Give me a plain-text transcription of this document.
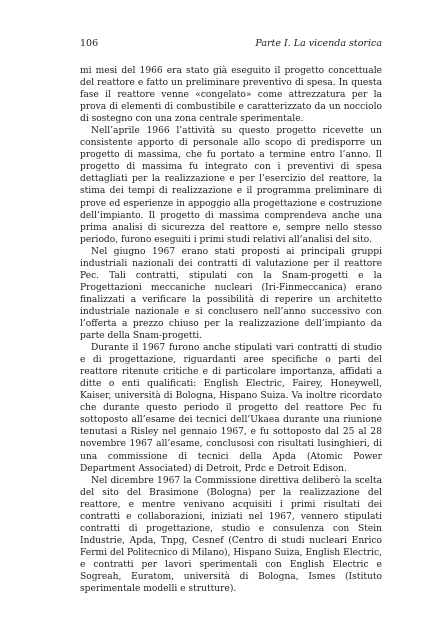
106	Parte I. La vicenda storica

mi mesi del 1966 era stato già eseguito il progetto concettuale del reattore e fatto un preliminare preventivo di spesa. In questa fase il reattore venne «congelato» come attrezzatura per la prova di elementi di combustibile e caratterizzato da un nocciolo di sostegno con una zona centrale sperimentale.

Nell’aprile 1966 l’attività su questo progetto ricevette un consistente apporto di personale allo scopo di predisporre un progetto di massima, che fu portato a termine entro l’anno. Il progetto di massima fu integrato con i preventivi di spesa dettagliati per la realizzazione e per l’esercizio del reattore, la stima dei tempi di realizzazione e il programma preliminare di prove ed esperienze in appoggio alla progettazione e costruzione dell’impianto. Il progetto di massima comprendeva anche una prima analisi di sicurezza del reattore e, sempre nello stesso periodo, furono eseguiti i primi studi relativi all’analisi del sito.

Nel giugno 1967 erano stati proposti ai principali gruppi industriali nazionali dei contratti di valutazione per il reattore Pec. Tali contratti, stipulati con la Snam-progetti e la Progettazioni meccaniche nucleari (Iri-Finmeccanica) erano finalizzati a verificare la possibilità di reperire un architetto industriale nazionale e si conclusero nell’anno successivo con l’offerta a prezzo chiuso per la realizzazione dell’impianto da parte della Snam-progetti.

Durante il 1967 furono anche stipulati vari contratti di studio e di progettazione, riguardanti aree specifiche o parti del reattore ritenute critiche e di particolare importanza, affidati a ditte o enti qualificati: English Electric, Fairey, Honeywell, Kaiser, università di Bologna, Hispano Suiza. Va inoltre ricordato che durante questo periodo il progetto del reattore Pec fu sottoposto all’esame dei tecnici dell’Ukaea durante una riunione tenutasi a Risley nel gennaio 1967, e fu sottoposto dal 25 al 28 novembre 1967 all’esame, conclusosi con risultati lusinghieri, di una commissione di tecnici della Apda (Atomic Power Department Associated) di Detroit, Prdc e Detroit Edison.

Nel dicembre 1967 la Commissione direttiva deliberò la scelta del sito del Brasimone (Bologna) per la realizzazione del reattore, e mentre venivano acquisiti i primi risultati dei contratti e collaborazioni, iniziati nel 1967, vennero stipulati contratti di progettazione, studio e consulenza con Stein Industrie, Apda, Tnpg, Cesnef (Centro di studi nucleari Enrico Fermi del Politecnico di Milano), Hispano Suiza, English Electric, e contratti per lavori sperimentali con English Electric e Sogreah, Euratom, università di Bologna, Ismes (Istituto sperimentale modelli e strutture).
